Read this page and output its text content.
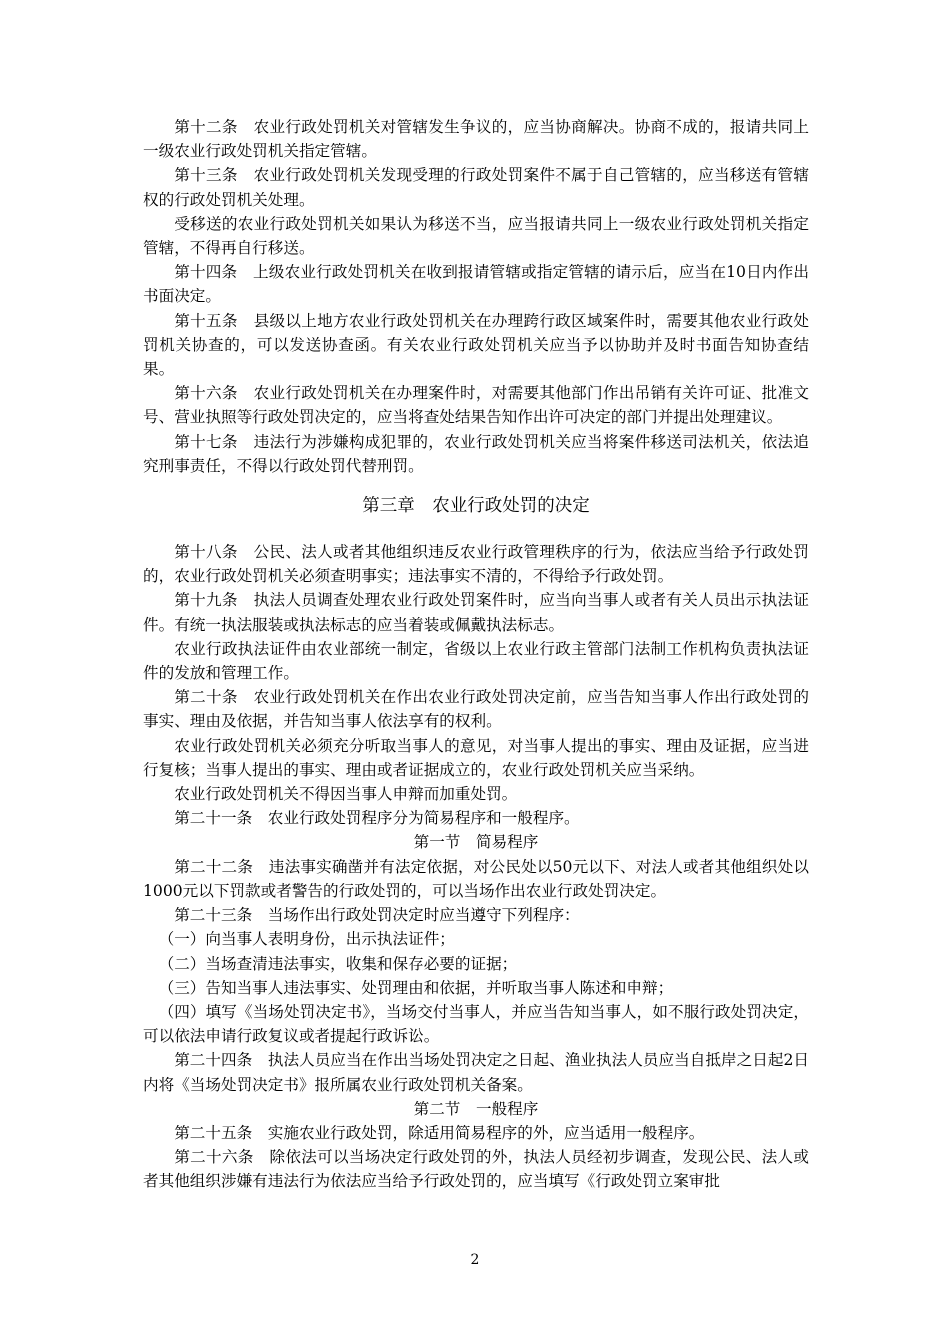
第十二条　农业行政处罚机关对管辖发生争议的，应当协商解决。协商不成的，报请共同上一级农业行政处罚机关指定管辖。

第十三条　农业行政处罚机关发现受理的行政处罚案件不属于自己管辖的，应当移送有管辖权的行政处罚机关处理。

受移送的农业行政处罚机关如果认为移送不当，应当报请共同上一级农业行政处罚机关指定管辖，不得再自行移送。

第十四条　上级农业行政处罚机关在收到报请管辖或指定管辖的请示后，应当在10日内作出书面决定。

第十五条　县级以上地方农业行政处罚机关在办理跨行政区域案件时，需要其他农业行政处罚机关协查的，可以发送协查函。有关农业行政处罚机关应当予以协助并及时书面告知协查结果。

第十六条　农业行政处罚机关在办理案件时，对需要其他部门作出吊销有关许可证、批准文号、营业执照等行政处罚决定的，应当将查处结果告知作出许可决定的部门并提出处理建议。

第十七条　违法行为涉嫌构成犯罪的，农业行政处罚机关应当将案件移送司法机关，依法追究刑事责任，不得以行政处罚代替刑罚。

第三章　农业行政处罚的决定

第十八条　公民、法人或者其他组织违反农业行政管理秩序的行为，依法应当给予行政处罚的，农业行政处罚机关必须查明事实；违法事实不清的，不得给予行政处罚。

第十九条　执法人员调查处理农业行政处罚案件时，应当向当事人或者有关人员出示执法证件。有统一执法服装或执法标志的应当着装或佩戴执法标志。

农业行政执法证件由农业部统一制定，省级以上农业行政主管部门法制工作机构负责执法证件的发放和管理工作。

第二十条　农业行政处罚机关在作出农业行政处罚决定前，应当告知当事人作出行政处罚的事实、理由及依据，并告知当事人依法享有的权利。

农业行政处罚机关必须充分听取当事人的意见，对当事人提出的事实、理由及证据，应当进行复核；当事人提出的事实、理由或者证据成立的，农业行政处罚机关应当采纳。

农业行政处罚机关不得因当事人申辩而加重处罚。

第二十一条　农业行政处罚程序分为简易程序和一般程序。

第一节　简易程序

第二十二条　违法事实确凿并有法定依据，对公民处以50元以下、对法人或者其他组织处以1000元以下罚款或者警告的行政处罚的，可以当场作出农业行政处罚决定。

第二十三条　当场作出行政处罚决定时应当遵守下列程序：

（一）向当事人表明身份，出示执法证件；

（二）当场查清违法事实，收集和保存必要的证据；

（三）告知当事人违法事实、处罚理由和依据，并听取当事人陈述和申辩；

（四）填写《当场处罚决定书》，当场交付当事人，并应当告知当事人，如不服行政处罚决定，可以依法申请行政复议或者提起行政诉讼。

第二十四条　执法人员应当在作出当场处罚决定之日起、渔业执法人员应当自抵岸之日起2日内将《当场处罚决定书》报所属农业行政处罚机关备案。

第二节　一般程序

第二十五条　实施农业行政处罚，除适用简易程序的外，应当适用一般程序。

第二十六条　除依法可以当场决定行政处罚的外，执法人员经初步调查，发现公民、法人或者其他组织涉嫌有违法行为依法应当给予行政处罚的，应当填写《行政处罚立案审批

2
